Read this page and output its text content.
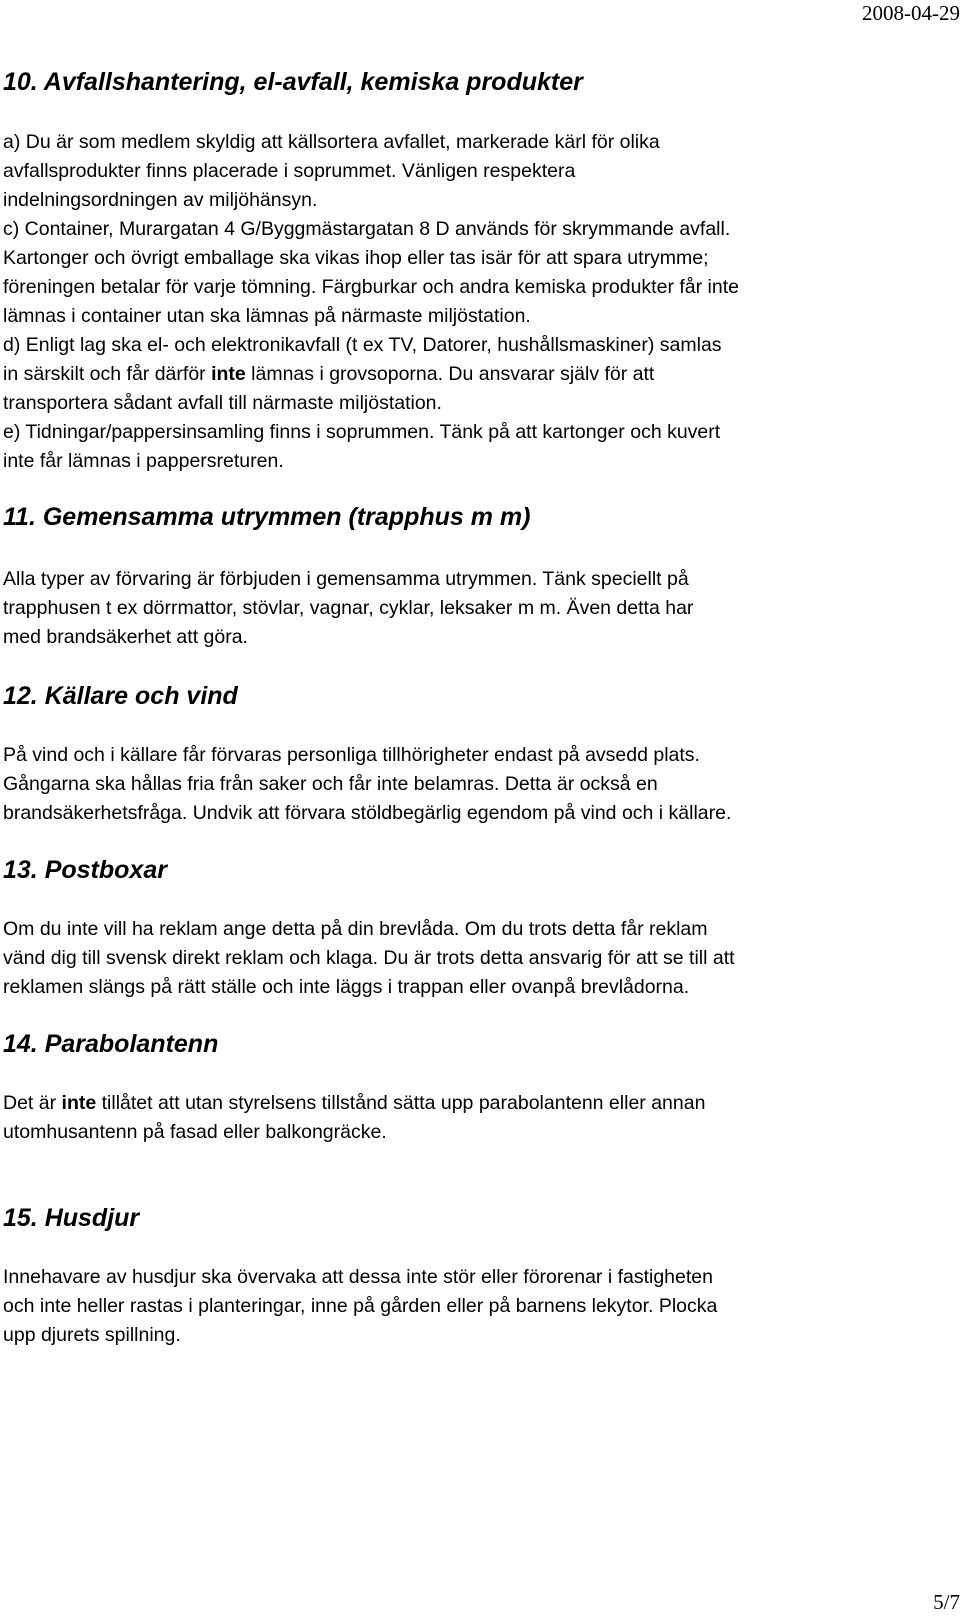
2008-04-29
10. Avfallshantering, el-avfall, kemiska produkter
a) Du är som medlem skyldig att källsortera avfallet, markerade kärl för olika
avfallsprodukter finns placerade i soprummet. Vänligen respektera
indelningsordningen av miljöhänsyn.
c) Container, Murargatan 4 G/Byggmästargatan 8 D används för skrymmande avfall.
Kartonger och övrigt emballage ska vikas ihop eller tas isär för att spara utrymme;
föreningen betalar för varje tömning. Färgburkar och andra kemiska produkter får inte
lämnas i container utan ska lämnas på närmaste miljöstation.
d) Enligt lag ska el- och elektronikavfall (t ex TV, Datorer, hushållsmaskiner) samlas
in särskilt och får därför inte lämnas i grovsoporna. Du ansvarar själv för att
transportera sådant avfall till närmaste miljöstation.
e) Tidningar/pappersinsamling finns i soprummen. Tänk på att kartonger och kuvert
inte får lämnas i pappersreturen.
11. Gemensamma utrymmen (trapphus m m)
Alla typer av förvaring är förbjuden i gemensamma utrymmen. Tänk speciellt på
trapphusen t ex dörrmattor, stövlar, vagnar, cyklar, leksaker m m. Även detta har
med brandsäkerhet att göra.
12. Källare och vind
På vind och i källare får förvaras personliga tillhörigheter endast på avsedd plats.
Gångarna ska hållas fria från saker och får inte belamras. Detta är också en
brandsäkerhetsfråga. Undvik att förvara stöldbegärlig egendom på vind och i källare.
13. Postboxar
Om du inte vill ha reklam ange detta på din brevlåda. Om du trots detta får reklam
vänd dig till svensk direkt reklam och klaga. Du är trots detta ansvarig för att se till att
reklamen slängs på rätt ställe och inte läggs i trappan eller ovanpå brevlådorna.
14. Parabolantenn
Det är inte tillåtet att utan styrelsens tillstånd sätta upp parabolantenn eller annan
utomhusantenn på fasad eller balkongräcke.
15. Husdjur
Innehavare av husdjur ska övervaka att dessa inte stör eller förorenar i fastigheten
och inte heller rastas i planteringar, inne på gården eller på barnens lekytor. Plocka
upp djurets spillning.
5/7
